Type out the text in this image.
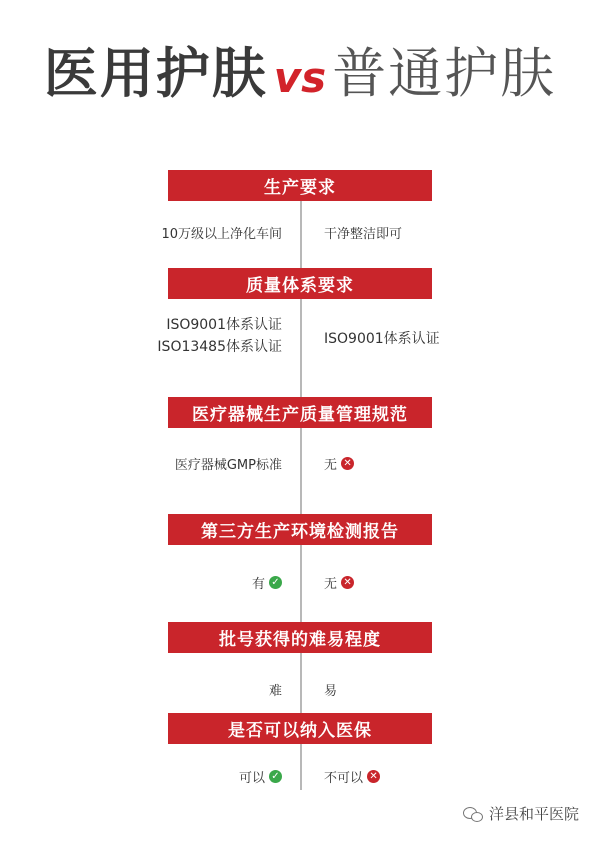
医用护肤 vs 普通护肤
生产要求
10万级以上净化车间	干净整洁即可
质量体系要求
ISO9001体系认证
ISO13485体系认证	ISO9001体系认证
医疗器械生产质量管理规范
医疗器械GMP标准	无 ✕
第三方生产环境检测报告
有 ✓	无 ✕
批号获得的难易程度
难	易
是否可以纳入医保
可以 ✓	不可以 ✕
洋县和平医院
